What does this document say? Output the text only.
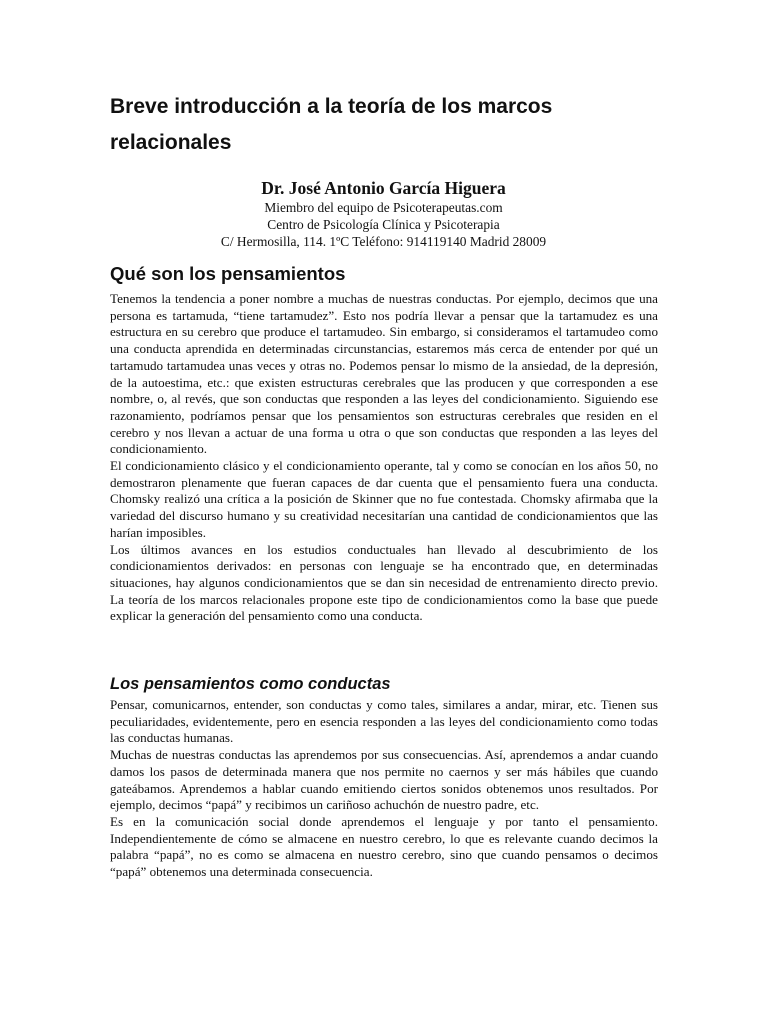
Breve introducción a la teoría de los marcos relacionales

Dr. José Antonio García Higuera

Miembro del equipo de Psicoterapeutas.com

Centro de Psicología Clínica y Psicoterapia

C/ Hermosilla, 114. 1ºC Teléfono: 914119140 Madrid 28009

Qué son los pensamientos

Tenemos la tendencia a poner nombre a muchas de nuestras conductas. Por ejemplo, decimos que una persona es tartamuda, “tiene tartamudez”. Esto nos podría llevar a pensar que la tartamudez es una estructura en su cerebro que produce el tartamudeo. Sin embargo, si consideramos el tartamudeo como una conducta aprendida en determinadas circunstancias, estaremos más cerca de entender por qué un tartamudo tartamudea unas veces y otras no. Podemos pensar lo mismo de la ansiedad, de la depresión, de la autoestima, etc.: que existen estructuras cerebrales que las producen y que corresponden a ese nombre, o, al revés, que son conductas que responden a las leyes del condicionamiento. Siguiendo ese razonamiento, podríamos pensar que los pensamientos son estructuras cerebrales que residen en el cerebro y nos llevan a actuar de una forma u otra o que son conductas que responden a las leyes del condicionamiento.

El condicionamiento clásico y el condicionamiento operante, tal y como se conocían en los años 50, no demostraron plenamente que fueran capaces de dar cuenta que el pensamiento fuera una conducta. Chomsky realizó una crítica a la posición de Skinner que no fue contestada. Chomsky afirmaba que la variedad del discurso humano y su creatividad necesitarían una cantidad de condicionamientos que las harían imposibles.

Los últimos avances en los estudios conductuales han llevado al descubrimiento de los condicionamientos derivados: en personas con lenguaje se ha encontrado que, en determinadas situaciones, hay algunos condicionamientos que se dan sin necesidad de entrenamiento directo previo. La teoría de los marcos relacionales propone este tipo de condicionamientos como la base que puede explicar la generación del pensamiento como una conducta.

Los pensamientos como conductas

Pensar, comunicarnos, entender, son conductas y como tales, similares a andar, mirar, etc. Tienen sus peculiaridades, evidentemente, pero en esencia responden a las leyes del condicionamiento como todas las conductas humanas.

Muchas de nuestras conductas las aprendemos por sus consecuencias. Así, aprendemos a andar cuando damos los pasos de determinada manera que nos permite no caernos y ser más hábiles que cuando gateábamos. Aprendemos a hablar cuando emitiendo ciertos sonidos obtenemos unos resultados. Por ejemplo, decimos “papá” y recibimos un cariñoso achuchón de nuestro padre, etc.

Es en la comunicación social donde aprendemos el lenguaje y por tanto el pensamiento. Independientemente de cómo se almacene en nuestro cerebro, lo que es relevante cuando decimos la palabra “papá”, no es como se almacena en nuestro cerebro, sino que cuando pensamos o decimos “papá” obtenemos una determinada consecuencia.
